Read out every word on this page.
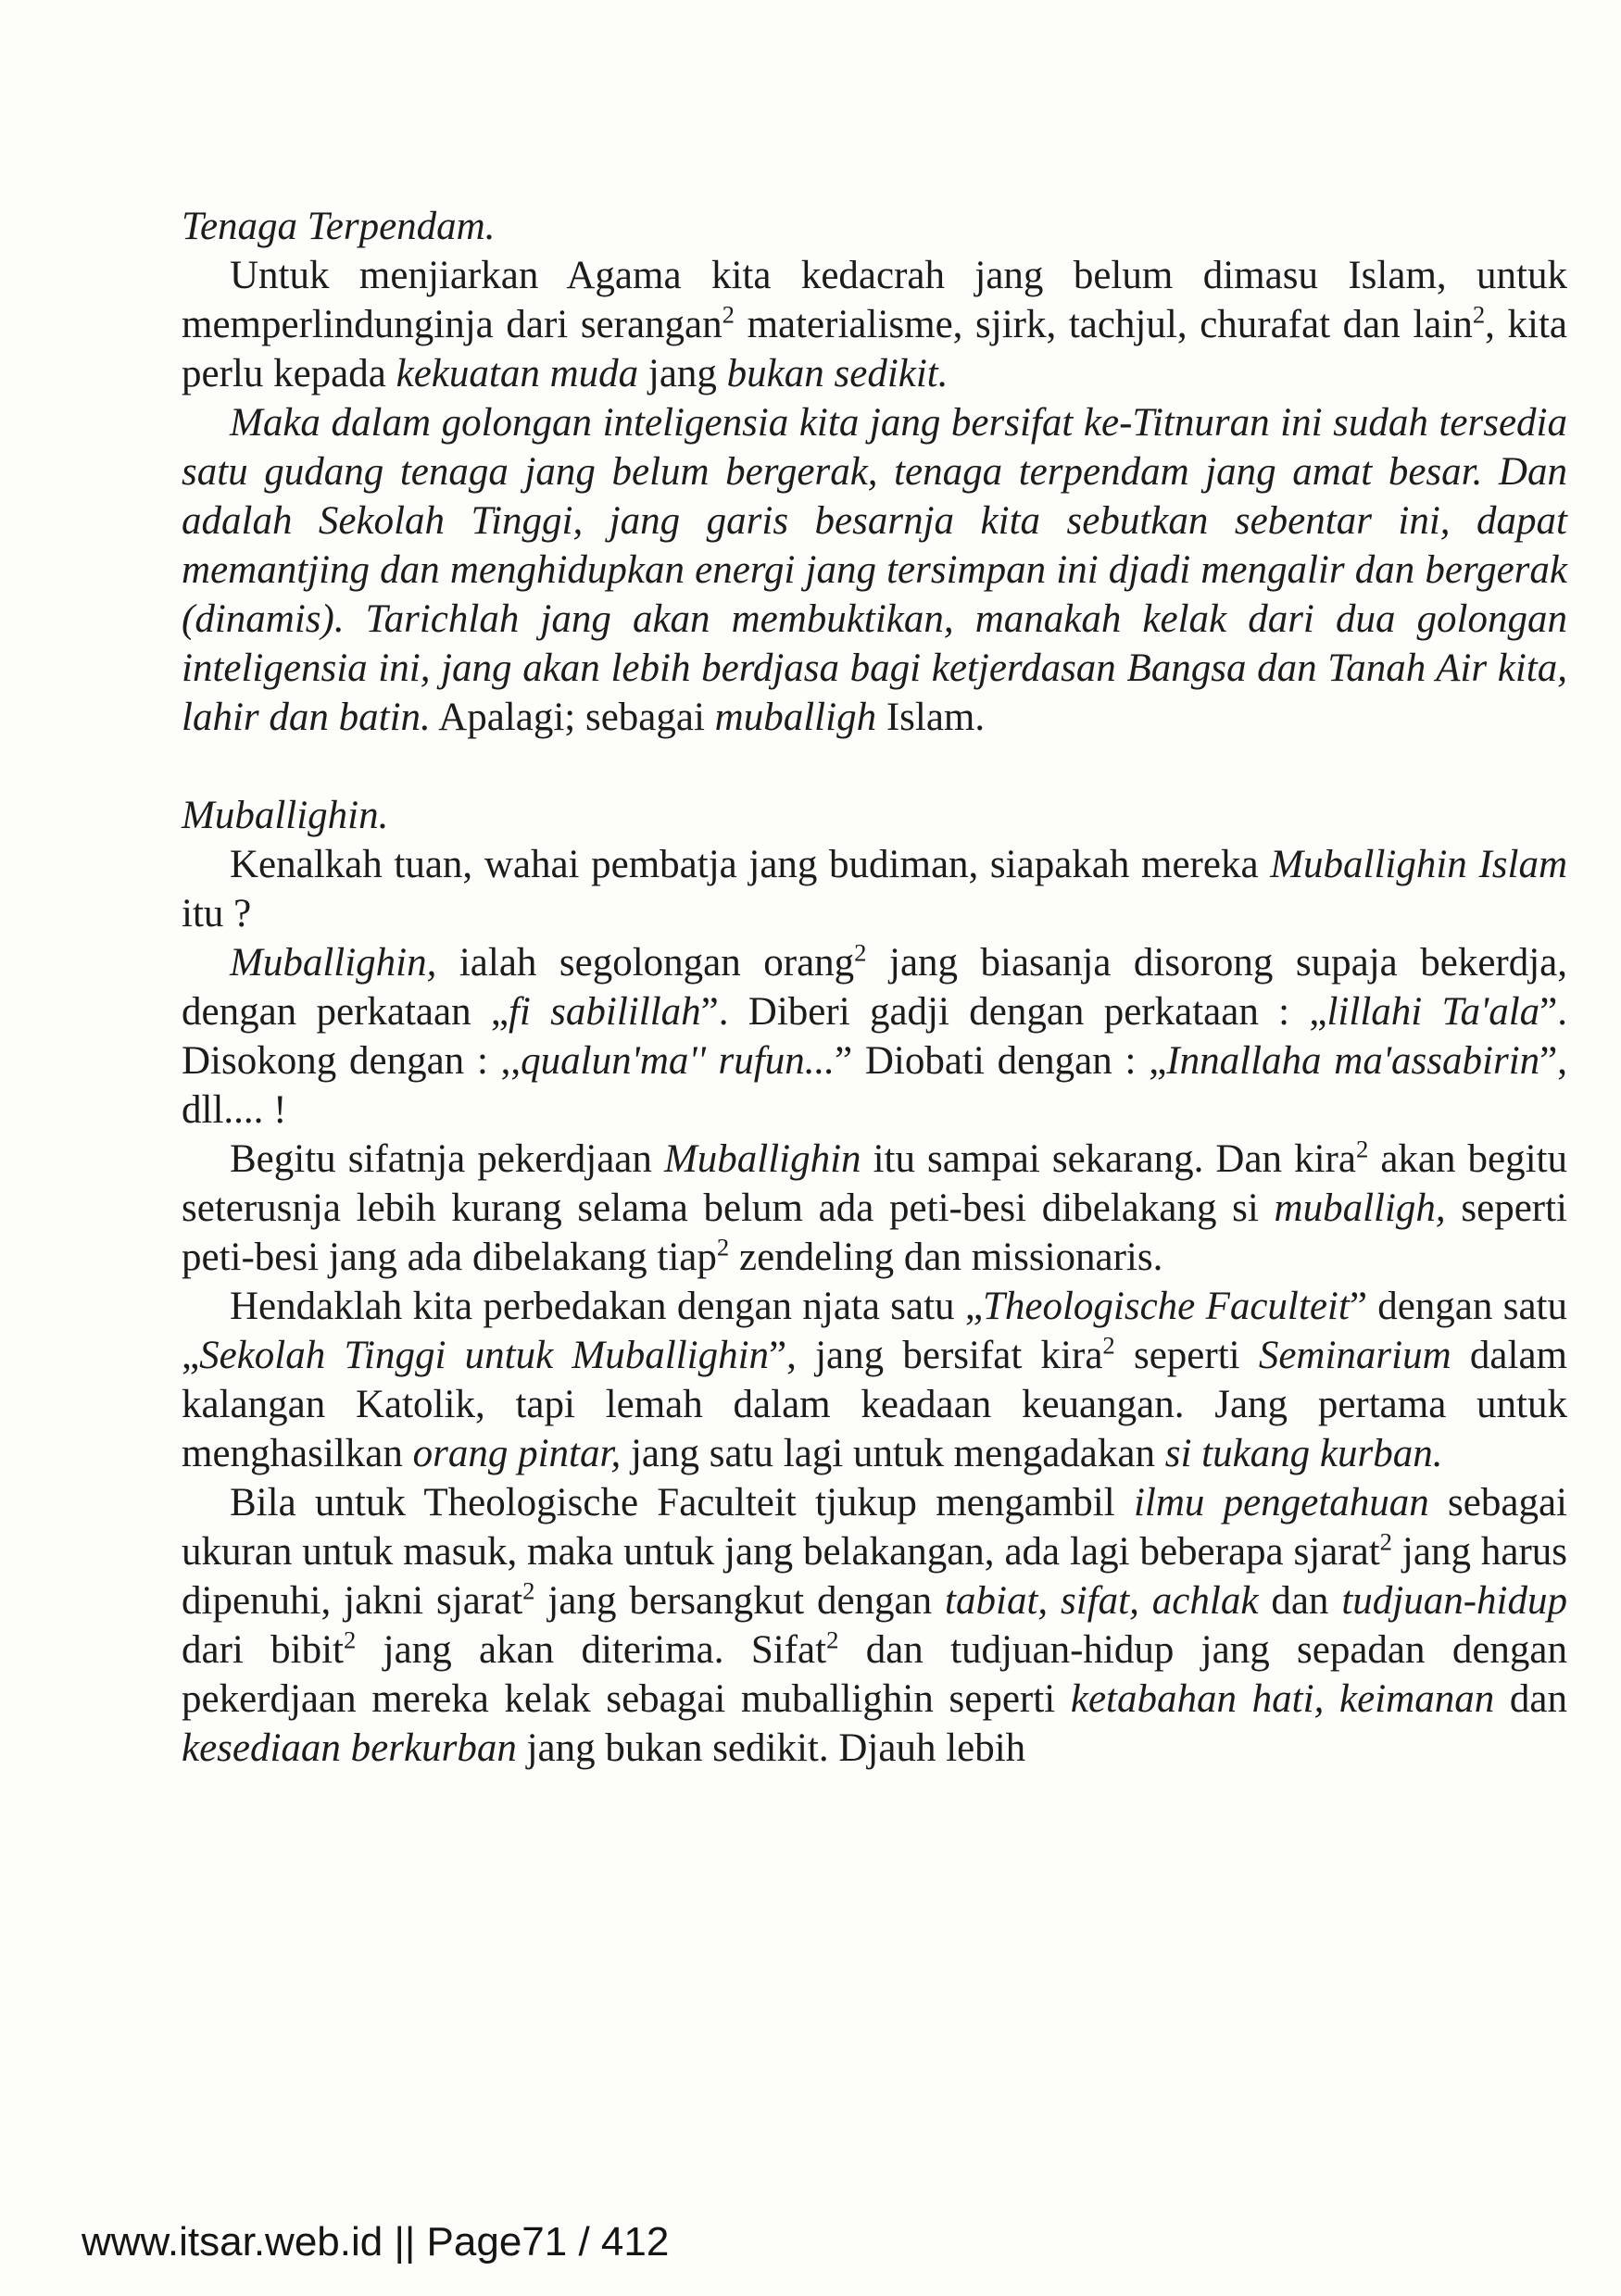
Tenaga Terpendam.

Untuk menjiarkan Agama kita kedacrah jang belum dimasu Islam, untuk memperlindunginja dari serangan$^2$ materialisme, sjirk, tachjul, churafat dan lain$^2$, kita perlu kepada kekuatan muda jang bukan sedikit.

Maka dalam golongan inteligensia kita jang bersifat ke-Titnuran ini sudah tersedia satu gudang tenaga jang belum bergerak, tenaga terpendam jang amat besar. Dan adalah Sekolah Tinggi, jang garis besarnja kita sebutkan sebentar ini, dapat memantjing dan menghidupkan energi jang tersimpan ini djadi mengalir dan bergerak (dinamis). Tarichlah jang akan membuktikan, manakah kelak dari dua golongan inteligensia ini, jang akan lebih berdjasa bagi ketjerdasan Bangsa dan Tanah Air kita, lahir dan batin. Apalagi; sebagai muballigh Islam.

Muballighin.

Kenalkah tuan, wahai pembatja jang budiman, siapakah mereka Muballighin Islam itu ?

Muballighin, ialah segolongan orang$^2$ jang biasanja disorong supaja bekerdja, dengan perkataan „fi sabilillah”. Diberi gadji dengan perkataan : „lillahi Ta'ala”. Disokong dengan : ,,qualun'ma'' rufun...” Diobati dengan : „Innallaha ma'assabirin”, dll.... !

Begitu sifatnja pekerdjaan Muballighin itu sampai sekarang. Dan kira$^2$ akan begitu seterusnja lebih kurang selama belum ada peti-besi dibelakang si muballigh, seperti peti-besi jang ada dibelakang tiap$^2$ zendeling dan missionaris.

Hendaklah kita perbedakan dengan njata satu „Theologische Faculteit” dengan satu „Sekolah Tinggi untuk Muballighin”, jang bersifat kira$^2$ seperti Seminarium dalam kalangan Katolik, tapi lemah dalam keadaan keuangan. Jang pertama untuk menghasilkan orang pintar, jang satu lagi untuk mengadakan si tukang kurban.

Bila untuk Theologische Faculteit tjukup mengambil ilmu pengetahuan sebagai ukuran untuk masuk, maka untuk jang belakangan, ada lagi beberapa sjarat$^2$ jang harus dipenuhi, jakni sjarat$^2$ jang bersangkut dengan tabiat, sifat, achlak dan tudjuan-hidup dari bibit$^2$ jang akan diterima. Sifat$^2$ dan tudjuan-hidup jang sepadan dengan pekerdjaan mereka kelak sebagai muballighin seperti ketabahan hati, keimanan dan kesediaan berkurban jang bukan sedikit. Djauh lebih

www.itsar.web.id || Page71 / 412
